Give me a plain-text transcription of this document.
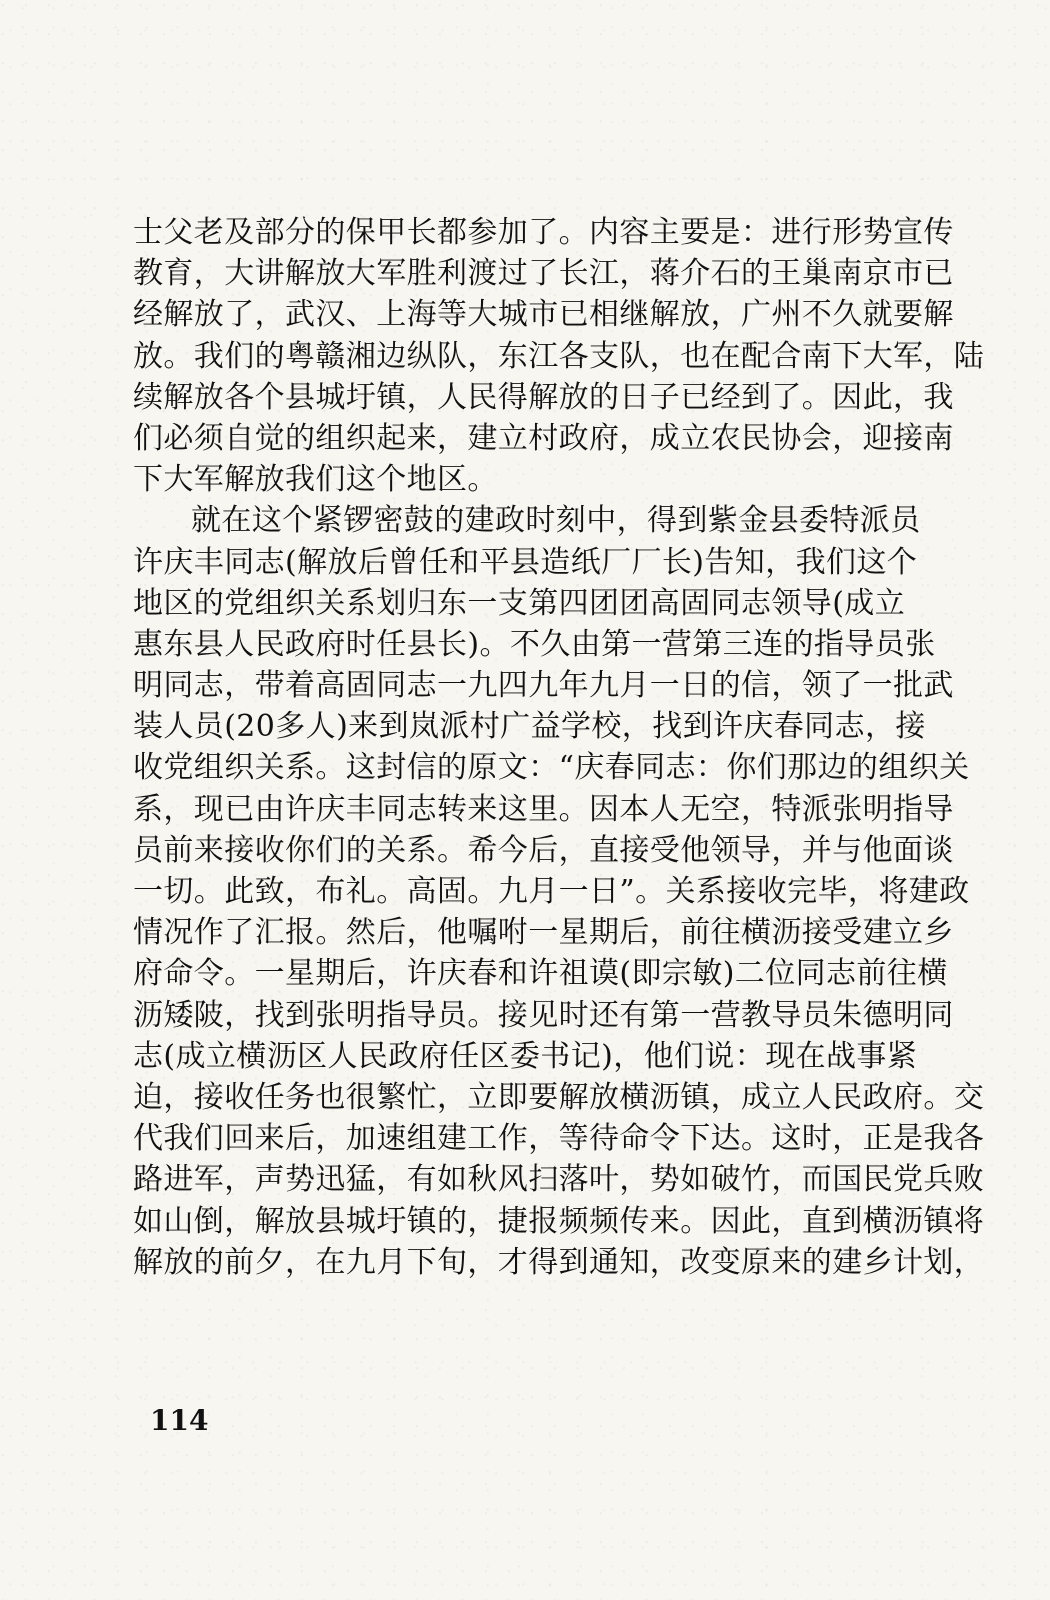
士父老及部分的保甲长都参加了。内容主要是：进行形势宣传
教育，大讲解放大军胜利渡过了长江，蒋介石的王巢南京市已
经解放了，武汉、上海等大城市已相继解放，广州不久就要解
放。我们的粤赣湘边纵队，东江各支队，也在配合南下大军，陆
续解放各个县城圩镇，人民得解放的日子已经到了。因此，我
们必须自觉的组织起来，建立村政府，成立农民协会，迎接南
下大军解放我们这个地区。
就在这个紧锣密鼓的建政时刻中，得到紫金县委特派员
许庆丰同志(解放后曾任和平县造纸厂厂长)告知，我们这个
地区的党组织关系划归东一支第四团团高固同志领导(成立
惠东县人民政府时任县长)。不久由第一营第三连的指导员张
明同志，带着高固同志一九四九年九月一日的信，领了一批武
装人员(20多人)来到岚派村广益学校，找到许庆春同志，接
收党组织关系。这封信的原文：“庆春同志：你们那边的组织关
系，现已由许庆丰同志转来这里。因本人无空，特派张明指导
员前来接收你们的关系。希今后，直接受他领导，并与他面谈
一切。此致，布礼。高固。九月一日”。关系接收完毕，将建政
情况作了汇报。然后，他嘱咐一星期后，前往横沥接受建立乡
府命令。一星期后，许庆春和许祖谟(即宗敏)二位同志前往横
沥矮陂，找到张明指导员。接见时还有第一营教导员朱德明同
志(成立横沥区人民政府任区委书记)，他们说：现在战事紧
迫，接收任务也很繁忙，立即要解放横沥镇，成立人民政府。交
代我们回来后，加速组建工作，等待命令下达。这时，正是我各
路进军，声势迅猛，有如秋风扫落叶，势如破竹，而国民党兵败
如山倒，解放县城圩镇的，捷报频频传来。因此，直到横沥镇将
解放的前夕，在九月下旬，才得到通知，改变原来的建乡计划，
114
